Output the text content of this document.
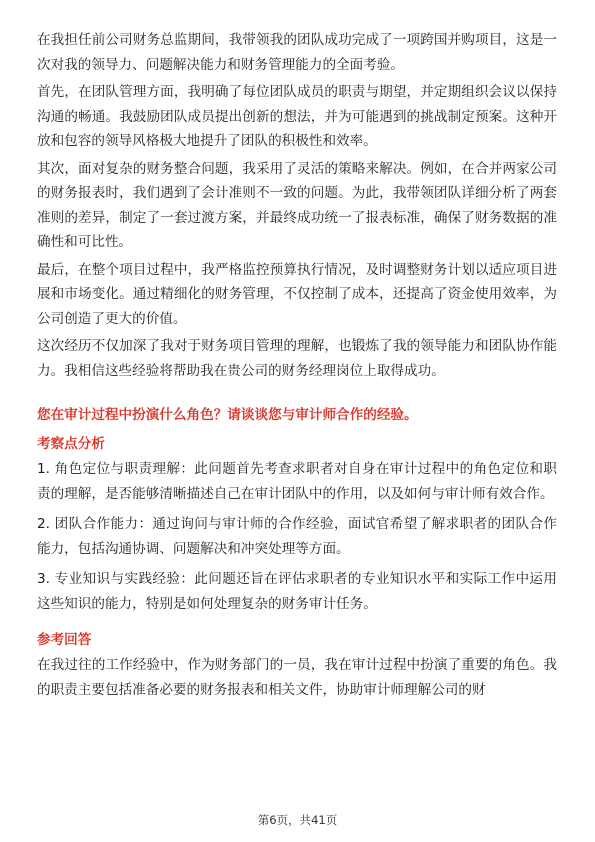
在我担任前公司财务总监期间，我带领我的团队成功完成了一项跨国并购项目，这是一次对我的领导力、问题解决能力和财务管理能力的全面考验。

首先，在团队管理方面，我明确了每位团队成员的职责与期望，并定期组织会议以保持沟通的畅通。我鼓励团队成员提出创新的想法，并为可能遇到的挑战制定预案。这种开放和包容的领导风格极大地提升了团队的积极性和效率。

其次，面对复杂的财务整合问题，我采用了灵活的策略来解决。例如，在合并两家公司的财务报表时，我们遇到了会计准则不一致的问题。为此，我带领团队详细分析了两套准则的差异，制定了一套过渡方案，并最终成功统一了报表标准，确保了财务数据的准确性和可比性。

最后，在整个项目过程中，我严格监控预算执行情况，及时调整财务计划以适应项目进展和市场变化。通过精细化的财务管理，不仅控制了成本，还提高了资金使用效率，为公司创造了更大的价值。

这次经历不仅加深了我对于财务项目管理的理解，也锻炼了我的领导能力和团队协作能力。我相信这些经验将帮助我在贵公司的财务经理岗位上取得成功。

您在审计过程中扮演什么角色？请谈谈您与审计师合作的经验。
考察点分析

1. 角色定位与职责理解：此问题首先考查求职者对自身在审计过程中的角色定位和职责的理解，是否能够清晰描述自己在审计团队中的作用，以及如何与审计师有效合作。

2. 团队合作能力：通过询问与审计师的合作经验，面试官希望了解求职者的团队合作能力，包括沟通协调、问题解决和冲突处理等方面。

3. 专业知识与实践经验：此问题还旨在评估求职者的专业知识水平和实际工作中运用这些知识的能力，特别是如何处理复杂的财务审计任务。

参考回答

在我过往的工作经验中，作为财务部门的一员，我在审计过程中扮演了重要的角色。我的职责主要包括准备必要的财务报表和相关文件，协助审计师理解公司的财

第6页，共41页
